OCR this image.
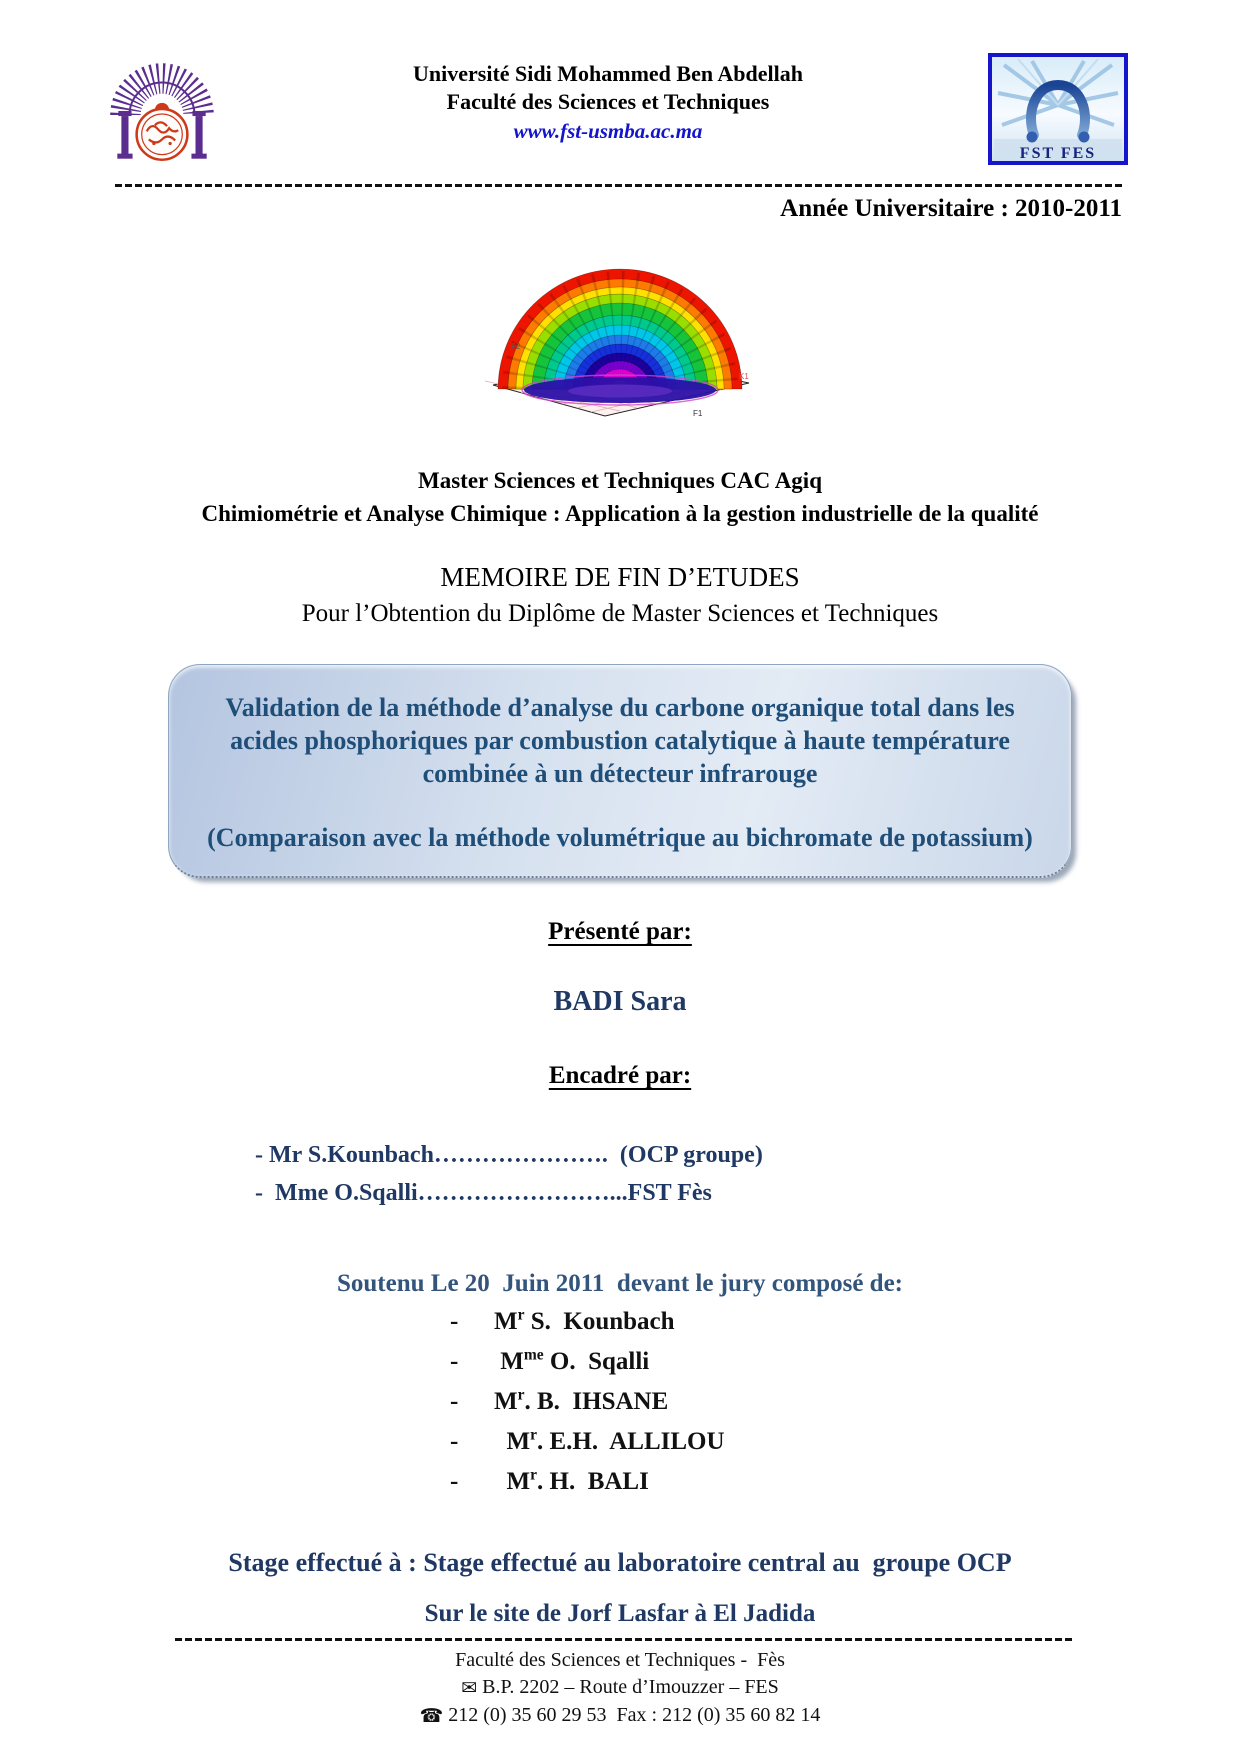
Université Sidi Mohammed Ben Abdellah
Faculté des Sciences et Techniques
www.fst-usmba.ac.ma
FST FES
Année Universitaire : 2010-2011
F2
F1
K1
Master Sciences et Techniques CAC Agiq
Chimiométrie et Analyse Chimique : Application à la gestion industrielle de la qualité
MEMOIRE DE FIN D’ETUDES
Pour l’Obtention du Diplôme de Master Sciences et Techniques
Validation de la méthode d’analyse du carbone organique total dans les acides phosphoriques par combustion catalytique à haute température combinée à un détecteur infrarouge
(Comparaison avec la méthode volumétrique au bichromate de potassium)
Présenté par:
BADI Sara
Encadré par:
- Mr S.Kounbach………………….  (OCP groupe)
-  Mme O.Sqalli……………………...FST Fès
Soutenu Le 20  Juin 2011  devant le jury composé de:
-	$M^r$ S.  Kounbach
-	$M^{me}$ O.  Sqalli
-	$M^r$. B.  IHSANE
-	$M^r$. E.H.  ALLILOU
-	$M^r$. H.  BALI
Stage effectué à : Stage effectué au laboratoire central au  groupe OCP
Sur le site de Jorf Lasfar à El Jadida
Faculté des Sciences et Techniques -  Fès
✉ B.P. 2202 – Route d’Imouzzer – FES
☎ 212 (0) 35 60 29 53  Fax : 212 (0) 35 60 82 14
